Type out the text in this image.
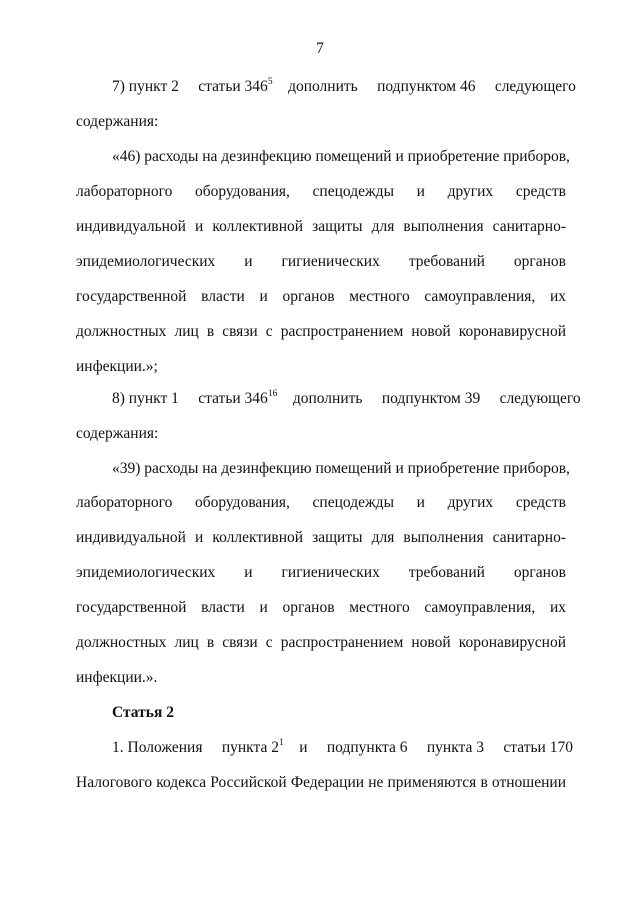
7
7) пункт 2     статьи $346^5$    дополнить     подпунктом 46     следующего
содержания:
«46) расходы на дезинфекцию помещений и приобретение приборов,
лабораторного оборудования, спецодежды и других средств
индивидуальной и коллективной защиты для выполнения санитарно-
эпидемиологических и гигиенических требований органов
государственной власти и органов местного самоуправления, их
должностных лиц в связи с распространением новой коронавирусной
инфекции.»;
8) пункт 1     статьи $346^{16}$    дополнить     подпунктом 39     следующего
содержания:
«39) расходы на дезинфекцию помещений и приобретение приборов,
лабораторного оборудования, спецодежды и других средств
индивидуальной и коллективной защиты для выполнения санитарно-
эпидемиологических и гигиенических требований органов
государственной власти и органов местного самоуправления, их
должностных лиц в связи с распространением новой коронавирусной
инфекции.».
Статья 2
1. Положения     пункта $2^1$    и     подпункта 6     пункта 3     статьи 170
Налогового кодекса Российской Федерации не применяются в отношении
